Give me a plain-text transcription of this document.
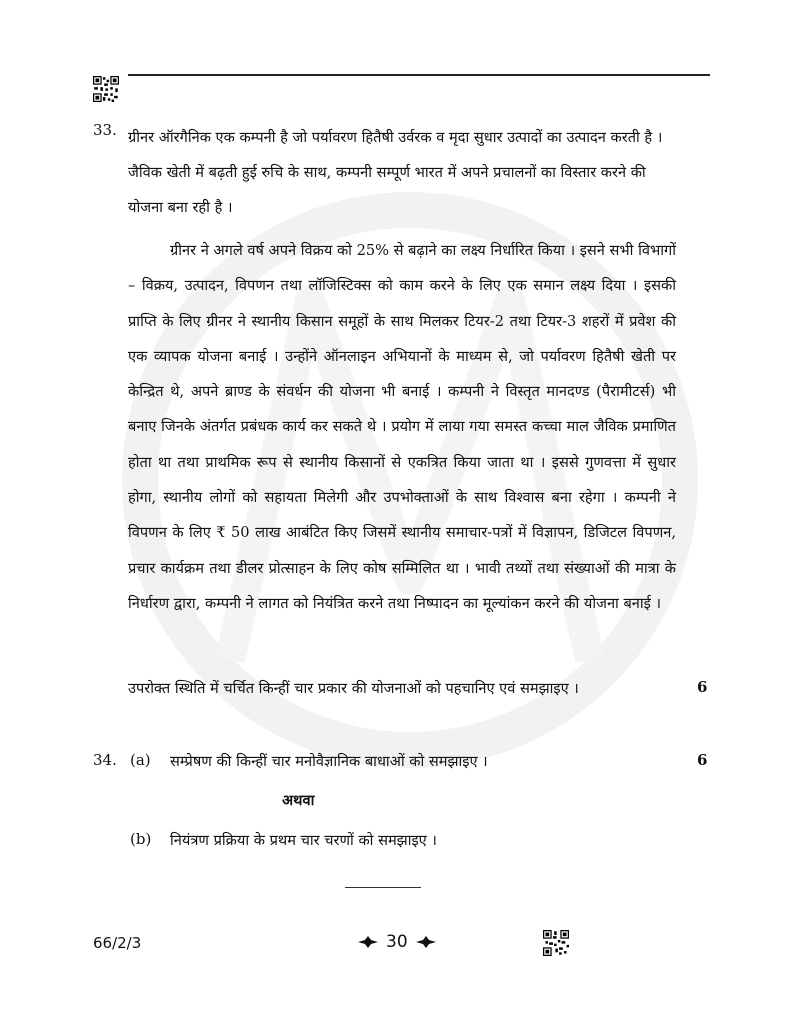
33. ग्रीनर ऑरगैनिक एक कम्पनी है जो पर्यावरण हितैषी उर्वरक व मृदा सुधार उत्पादों का उत्पादन करती है । जैविक खेती में बढ़ती हुई रुचि के साथ, कम्पनी सम्पूर्ण भारत में अपने प्रचालनों का विस्तार करने की योजना बना रही है ।

ग्रीनर ने अगले वर्ष अपने विक्रय को 25% से बढ़ाने का लक्ष्य निर्धारित किया । इसने सभी विभागों – विक्रय, उत्पादन, विपणन तथा लॉजिस्टिक्स को काम करने के लिए एक समान लक्ष्य दिया । इसकी प्राप्ति के लिए ग्रीनर ने स्थानीय किसान समूहों के साथ मिलकर टियर-2 तथा टियर-3 शहरों में प्रवेश की एक व्यापक योजना बनाई । उन्होंने ऑनलाइन अभियानों के माध्यम से, जो पर्यावरण हितैषी खेती पर केन्द्रित थे, अपने ब्राण्ड के संवर्धन की योजना भी बनाई । कम्पनी ने विस्तृत मानदण्ड (पैरामीटर्स) भी बनाए जिनके अंतर्गत प्रबंधक कार्य कर सकते थे । प्रयोग में लाया गया समस्त कच्चा माल जैविक प्रमाणित होता था तथा प्राथमिक रूप से स्थानीय किसानों से एकत्रित किया जाता था । इससे गुणवत्ता में सुधार होगा, स्थानीय लोगों को सहायता मिलेगी और उपभोक्ताओं के साथ विश्वास बना रहेगा । कम्पनी ने विपणन के लिए ₹ 50 लाख आबंटित किए जिसमें स्थानीय समाचार-पत्रों में विज्ञापन, डिजिटल विपणन, प्रचार कार्यक्रम तथा डीलर प्रोत्साहन के लिए कोष सम्मिलित था । भावी तथ्यों तथा संख्याओं की मात्रा के निर्धारण द्वारा, कम्पनी ने लागत को नियंत्रित करने तथा निष्पादन का मूल्यांकन करने की योजना बनाई ।

उपरोक्त स्थिति में चर्चित किन्हीं चार प्रकार की योजनाओं को पहचानिए एवं समझाइए ।	6
34. (a) सम्प्रेषण की किन्हीं चार मनोवैज्ञानिक बाधाओं को समझाइए ।	6
अथवा
(b) नियंत्रण प्रक्रिया के प्रथम चार चरणों को समझाइए ।
66/2/3	30
